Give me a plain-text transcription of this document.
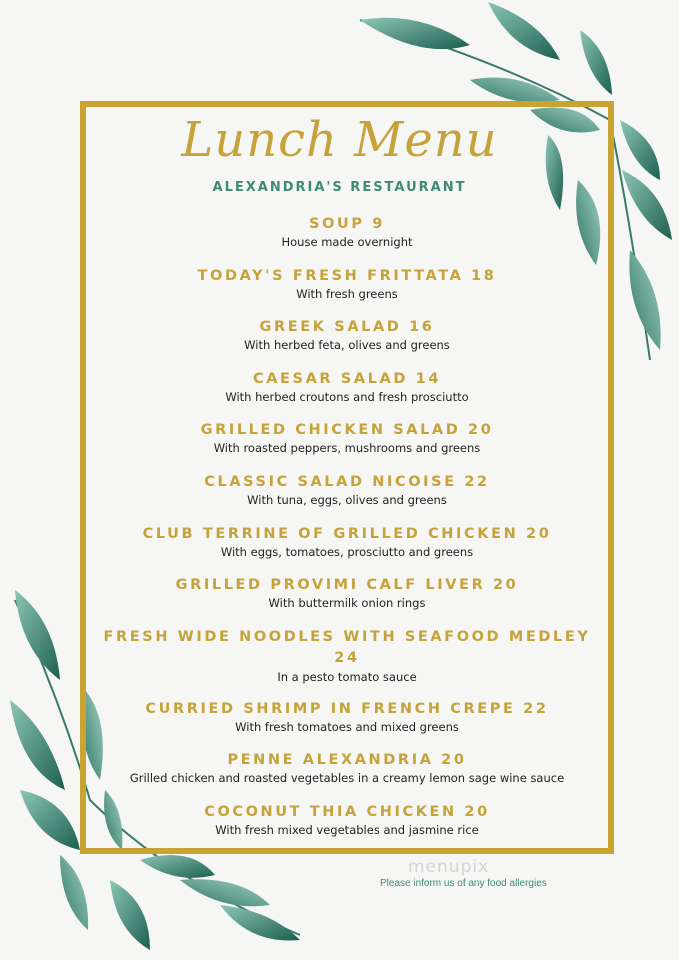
Lunch Menu
ALEXANDRIA'S RESTAURANT
SOUP 9
House made overnight
TODAY'S FRESH FRITTATA 18
With fresh greens
GREEK SALAD 16
With herbed feta, olives and greens
CAESAR SALAD 14
With herbed croutons and fresh prosciutto
GRILLED CHICKEN SALAD 20
With roasted peppers, mushrooms and greens
CLASSIC SALAD NICOISE 22
With tuna, eggs, olives and greens
CLUB TERRINE OF GRILLED CHICKEN 20
With eggs, tomatoes, prosciutto and greens
GRILLED PROVIMI CALF LIVER 20
With buttermilk onion rings
FRESH WIDE NOODLES WITH SEAFOOD MEDLEY 24
In a pesto tomato sauce
CURRIED SHRIMP IN FRENCH CREPE 22
With fresh tomatoes and mixed greens
PENNE ALEXANDRIA 20
Grilled chicken and roasted vegetables in a creamy lemon sage wine sauce
COCONUT THIA CHICKEN 20
With fresh mixed vegetables and jasmine rice
menupix
Please inform us of any food allergies
